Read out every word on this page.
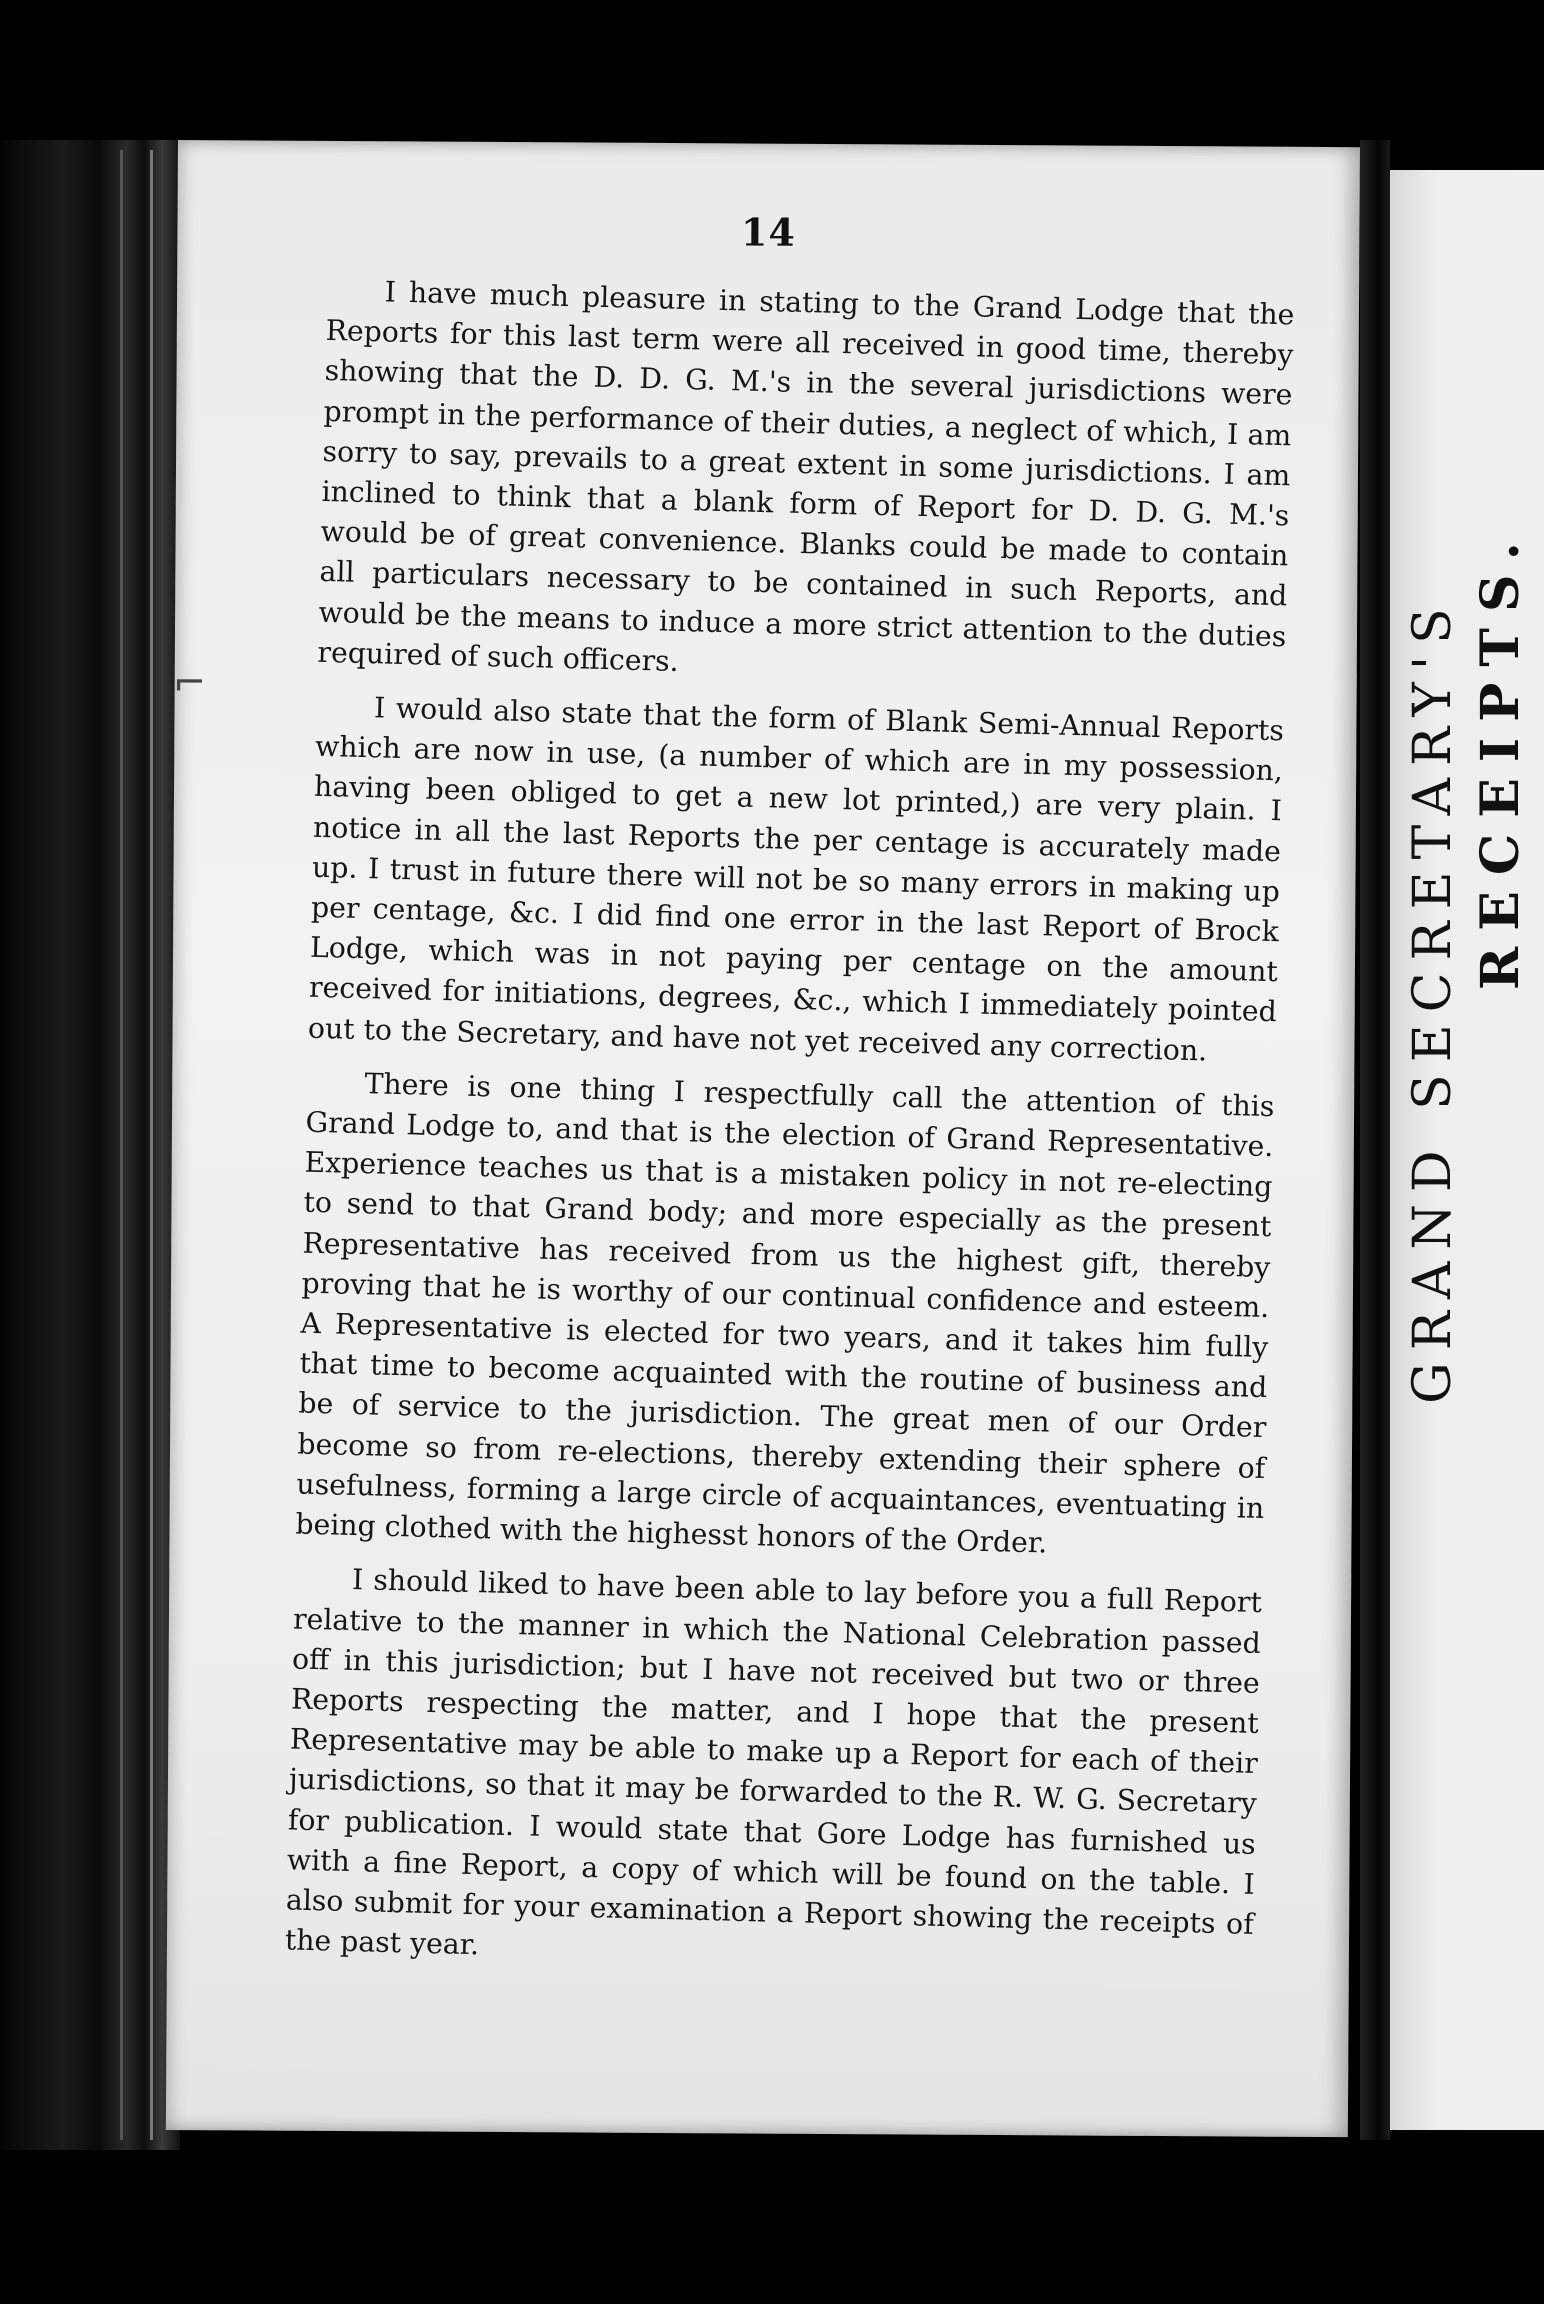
14

I have much pleasure in stating to the Grand Lodge that the Reports for this last term were all received in good time, thereby showing that the D. D. G. M.'s in the several jurisdictions were prompt in the performance of their duties, a neglect of which, I am sorry to say, prevails to a great extent in some jurisdictions. I am inclined to think that a blank form of Report for D. D. G. M.'s would be of great convenience. Blanks could be made to contain all particulars necessary to be contained in such Reports, and would be the means to induce a more strict attention to the duties required of such officers.

I would also state that the form of Blank Semi-Annual Reports which are now in use, (a number of which are in my possession, having been obliged to get a new lot printed,) are very plain. I notice in all the last Reports the per centage is accurately made up. I trust in future there will not be so many errors in making up per centage, &c. I did find one error in the last Report of Brock Lodge, which was in not paying per centage on the amount received for initiations, degrees, &c., which I immediately pointed out to the Secretary, and have not yet received any correction.

There is one thing I respectfully call the attention of this Grand Lodge to, and that is the election of Grand Representative. Experience teaches us that is a mistaken policy in not re-electing to send to that Grand body; and more especially as the present Representative has received from us the highest gift, thereby proving that he is worthy of our continual confidence and esteem. A Representative is elected for two years, and it takes him fully that time to become acquainted with the routine of business and be of service to the jurisdiction. The great men of our Order become so from re-elections, thereby extending their sphere of usefulness, forming a large circle of acquaintances, eventuating in being clothed with the highesst honors of the Order.

I should liked to have been able to lay before you a full Report relative to the manner in which the National Celebration passed off in this jurisdiction; but I have not received but two or three Reports respecting the matter, and I hope that the present Representative may be able to make up a Report for each of their jurisdictions, so that it may be forwarded to the R. W. G. Secretary for publication. I would state that Gore Lodge has furnished us with a fine Report, a copy of which will be found on the table. I also submit for your examination a Report showing the receipts of the past year.

⌐	GRAND SECRETARY'S RECEIPTS.
